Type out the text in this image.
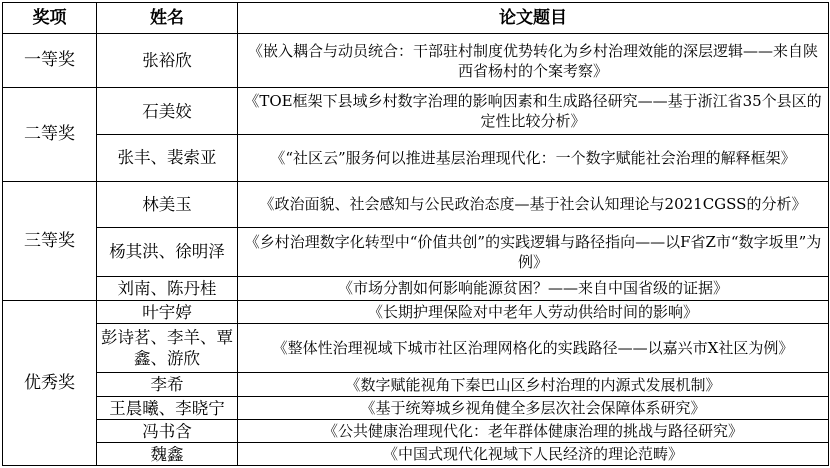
奖项	姓名	论文题目
一等奖	张裕欣	《嵌入耦合与动员统合：干部驻村制度优势转化为乡村治理效能的深层逻辑——来自陕西省杨村的个案考察》
二等奖	石美姣	《TOE框架下县域乡村数字治理的影响因素和生成路径研究——基于浙江省35个县区的定性比较分析》
	张丰、裴索亚	《“社区云”服务何以推进基层治理现代化：一个数字赋能社会治理的解释框架》
三等奖	林美玉	《政治面貌、社会感知与公民政治态度—基于社会认知理论与2021CGSS的分析》
	杨其洪、徐明泽	《乡村治理数字化转型中“价值共创”的实践逻辑与路径指向——以F省Z市“数字坂里”为例》
	刘南、陈丹桂	《市场分割如何影响能源贫困？——来自中国省级的证据》
优秀奖	叶宇婷	《长期护理保险对中老年人劳动供给时间的影响》
	彭诗茗、李羊、覃鑫、游欣	《整体性治理视域下城市社区治理网格化的实践路径——以嘉兴市X社区为例》
	李希	《数字赋能视角下秦巴山区乡村治理的内源式发展机制》
	王晨曦、李晓宁	《基于统筹城乡视角健全多层次社会保障体系研究》
	冯书含	《公共健康治理现代化：老年群体健康治理的挑战与路径研究》
	魏鑫	《中国式现代化视域下人民经济的理论范畴》
